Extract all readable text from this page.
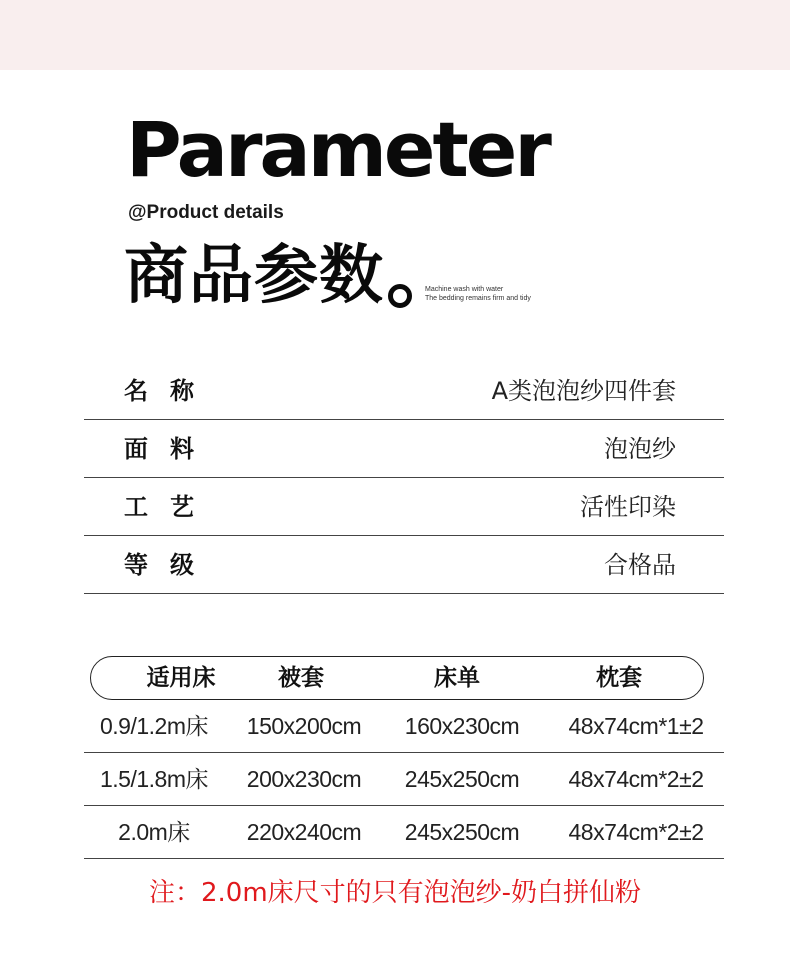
Parameter
@Product details
商品参数	Machine wash with water
The bedding remains firm and tidy
名称	A类泡泡纱四件套
面料	泡泡纱
工艺	活性印染
等级	合格品
适用床	被套	床单	枕套
0.9/1.2m床 150x200cm 160x230cm 48x74cm*1±2
1.5/1.8m床 200x230cm 245x250cm 48x74cm*2±2
2.0m床 220x240cm 245x250cm 48x74cm*2±2
注：2.0m床尺寸的只有泡泡纱-奶白拼仙粉
